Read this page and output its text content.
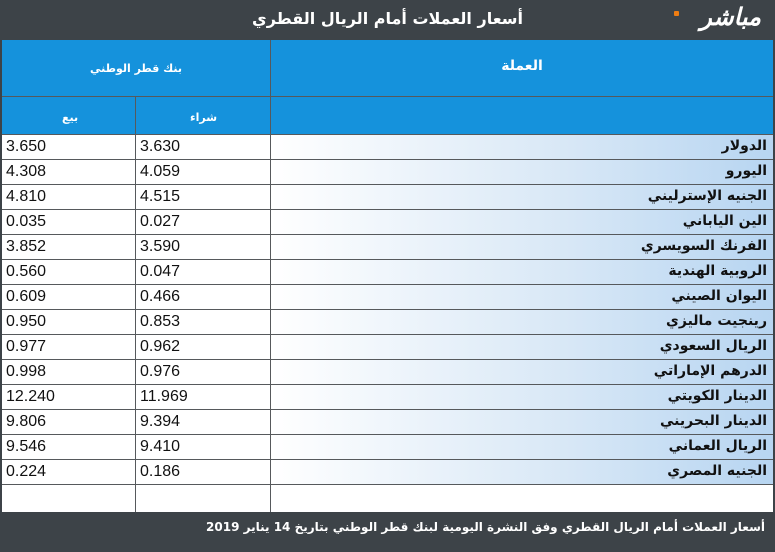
أسعار العملات أمام الريال القطري	مباشر
بنك قطر الوطني	العملة
بيع	شراء
3.650	3.630	الدولار
4.308	4.059	اليورو
4.810	4.515	الجنيه الإسترليني
0.035	0.027	الين الياباني
3.852	3.590	الفرنك السويسري
0.560	0.047	الروبية الهندية
0.609	0.466	اليوان الصيني
0.950	0.853	رينجيت ماليزي
0.977	0.962	الريال السعودي
0.998	0.976	الدرهم الإماراتي
12.240	11.969	الدينار الكويتي
9.806	9.394	الدينار البحريني
9.546	9.410	الريال العماني
0.224	0.186	الجنيه المصري
أسعار العملات أمام الريال القطري وفق النشرة اليومية لبنك قطر الوطني بتاريخ 14 يناير 2019
